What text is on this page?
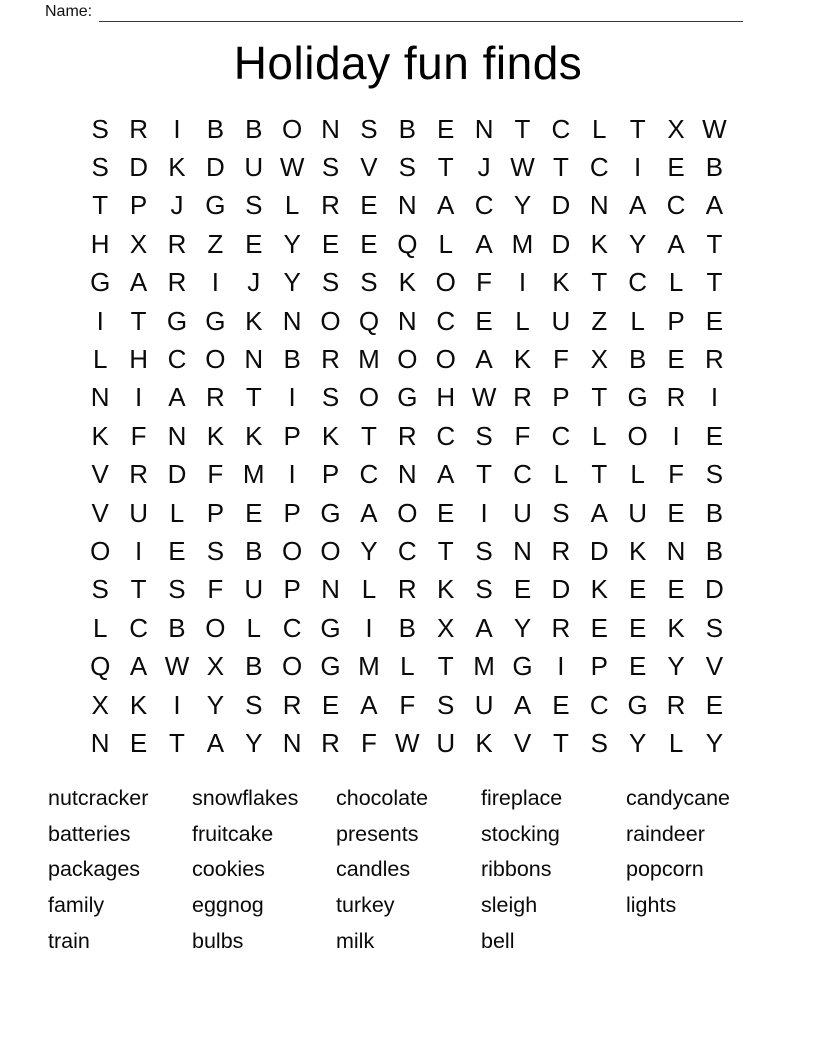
Name:
Holiday fun finds
S R I	B B O N S B E N T C L T X W
S D K D U W S V S T J W T C I	E B
T P J G S L R E N A C Y D N A C A
H X R Z E Y E E Q L A M D K Y A T
G A R I	J Y S S K O F	I	K T C L T
I	T G G K N O Q N C E L U Z L P E
L H C O N B R M O O A K F X B E R
N I	A R T	I	S O G H W R P T G R I
K F N K K P K T R C S F C L O I	E
V R D F M I	P C N A T C L T L F S
V U L P E P G A O E	I U S A U E B
O I	E S B O O Y C T S N R D K N B
S T S F U P N L R K S E D K E E D
L C B O L C G I	B X A Y R E E K S
Q A W X B O G M L T M G I	P E Y V
X K	I	Y S R E A F S U A E C G R E
N E T A Y N R F W U K V T S Y L Y
nutcracker
batteries
packages
family
train
snowflakes
fruitcake
cookies
eggnog
bulbs
chocolate
presents
candles
turkey
milk
fireplace
stocking
ribbons
sleigh
bell
candycane
raindeer
popcorn
lights
